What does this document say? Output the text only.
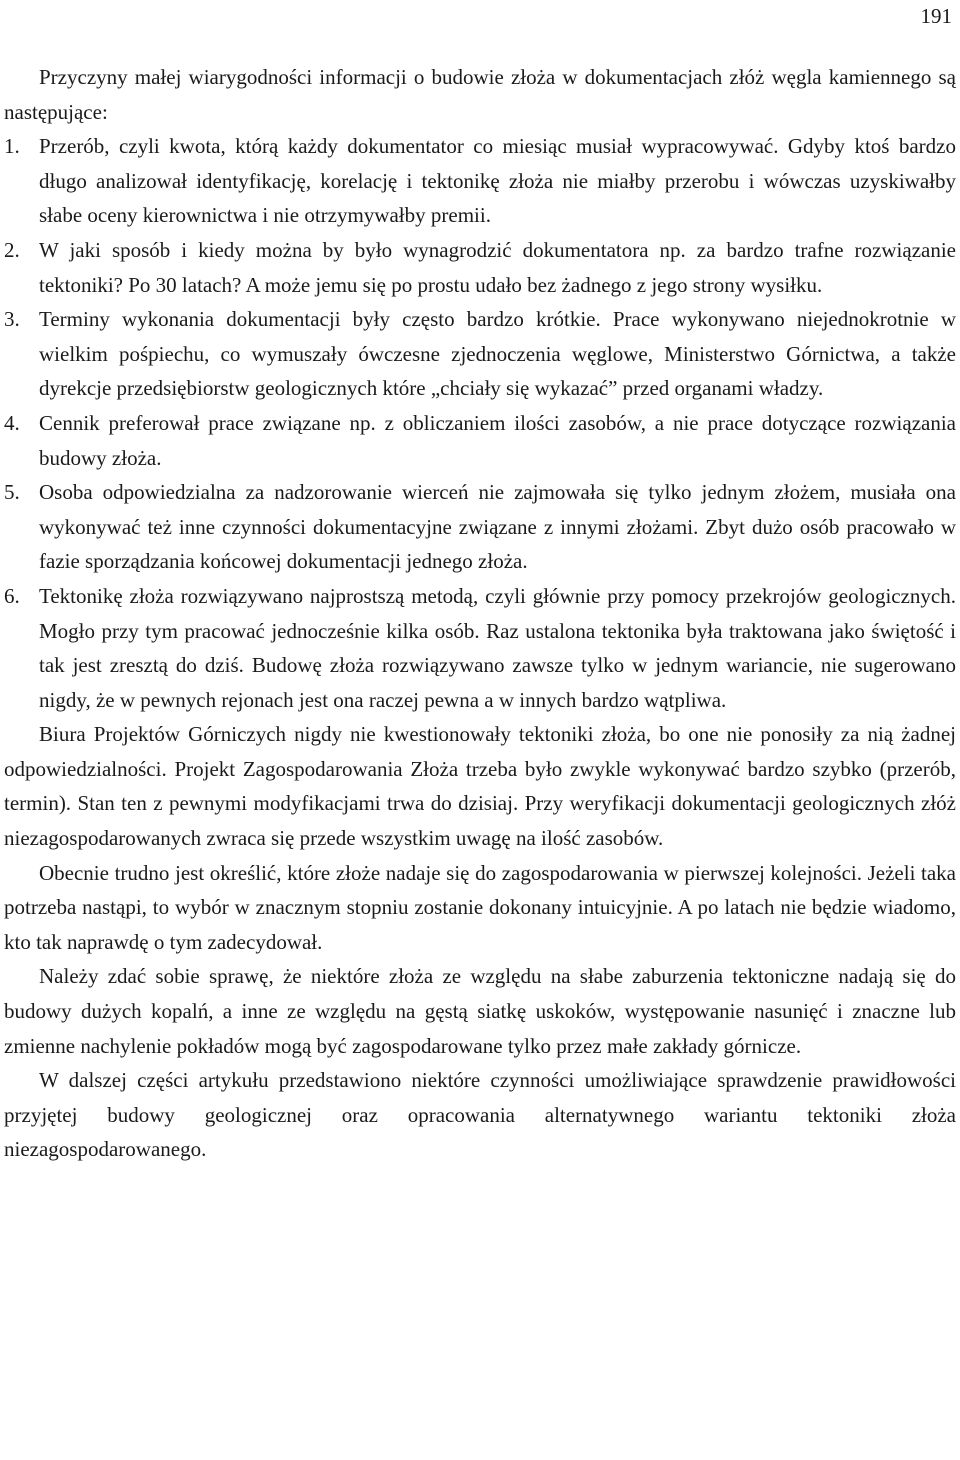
191

Przyczyny małej wiarygodności informacji o budowie złoża w dokumentacjach złóż węgla kamiennego są następujące:

1. Przerób, czyli kwota, którą każdy dokumentator co miesiąc musiał wypracowywać. Gdyby ktoś bardzo długo analizował identyfikację, korelację i tektonikę złoża nie miałby przerobu i wówczas uzyskiwałby słabe oceny kierownictwa i nie otrzymywałby premii.

2. W jaki sposób i kiedy można by było wynagrodzić dokumentatora np. za bardzo trafne rozwiązanie tektoniki? Po 30 latach? A może jemu się po prostu udało bez żadnego z jego strony wysiłku.

3. Terminy wykonania dokumentacji były często bardzo krótkie. Prace wykonywano niejednokrotnie w wielkim pośpiechu, co wymuszały ówczesne zjednoczenia węglowe, Ministerstwo Górnictwa, a także dyrekcje przedsiębiorstw geologicznych które „chciały się wykazać” przed organami władzy.

4. Cennik preferował prace związane np. z obliczaniem ilości zasobów, a nie prace dotyczące rozwiązania budowy złoża.

5. Osoba odpowiedzialna za nadzorowanie wierceń nie zajmowała się tylko jednym złożem, musiała ona wykonywać też inne czynności dokumentacyjne związane z innymi złożami. Zbyt dużo osób pracowało w fazie sporządzania końcowej dokumentacji jednego złoża.

6. Tektonikę złoża rozwiązywano najprostszą metodą, czyli głównie przy pomocy przekrojów geologicznych. Mogło przy tym pracować jednocześnie kilka osób. Raz ustalona tektonika była traktowana jako świętość i tak jest zresztą do dziś. Budowę złoża rozwiązywano zawsze tylko w jednym wariancie, nie sugerowano nigdy, że w pewnych rejonach jest ona raczej pewna a w innych bardzo wątpliwa.

Biura Projektów Górniczych nigdy nie kwestionowały tektoniki złoża, bo one nie ponosiły za nią żadnej odpowiedzialności. Projekt Zagospodarowania Złoża trzeba było zwykle wykonywać bardzo szybko (przerób, termin). Stan ten z pewnymi modyfikacjami trwa do dzisiaj. Przy weryfikacji dokumentacji geologicznych złóż niezagospodarowanych zwraca się przede wszystkim uwagę na ilość zasobów.

Obecnie trudno jest określić, które złoże nadaje się do zagospodarowania w pierwszej kolejności. Jeżeli taka potrzeba nastąpi, to wybór w znacznym stopniu zostanie dokonany intuicyjnie. A po latach nie będzie wiadomo, kto tak naprawdę o tym zadecydował.

Należy zdać sobie sprawę, że niektóre złoża ze względu na słabe zaburzenia tektoniczne nadają się do budowy dużych kopalń, a inne ze względu na gęstą siatkę uskoków, występowanie nasunięć i znaczne lub zmienne nachylenie pokładów mogą być zagospodarowane tylko przez małe zakłady górnicze.

W dalszej części artykułu przedstawiono niektóre czynności umożliwiające sprawdzenie prawidłowości przyjętej budowy geologicznej oraz opracowania alternatywnego wariantu tektoniki złoża niezagospodarowanego.
